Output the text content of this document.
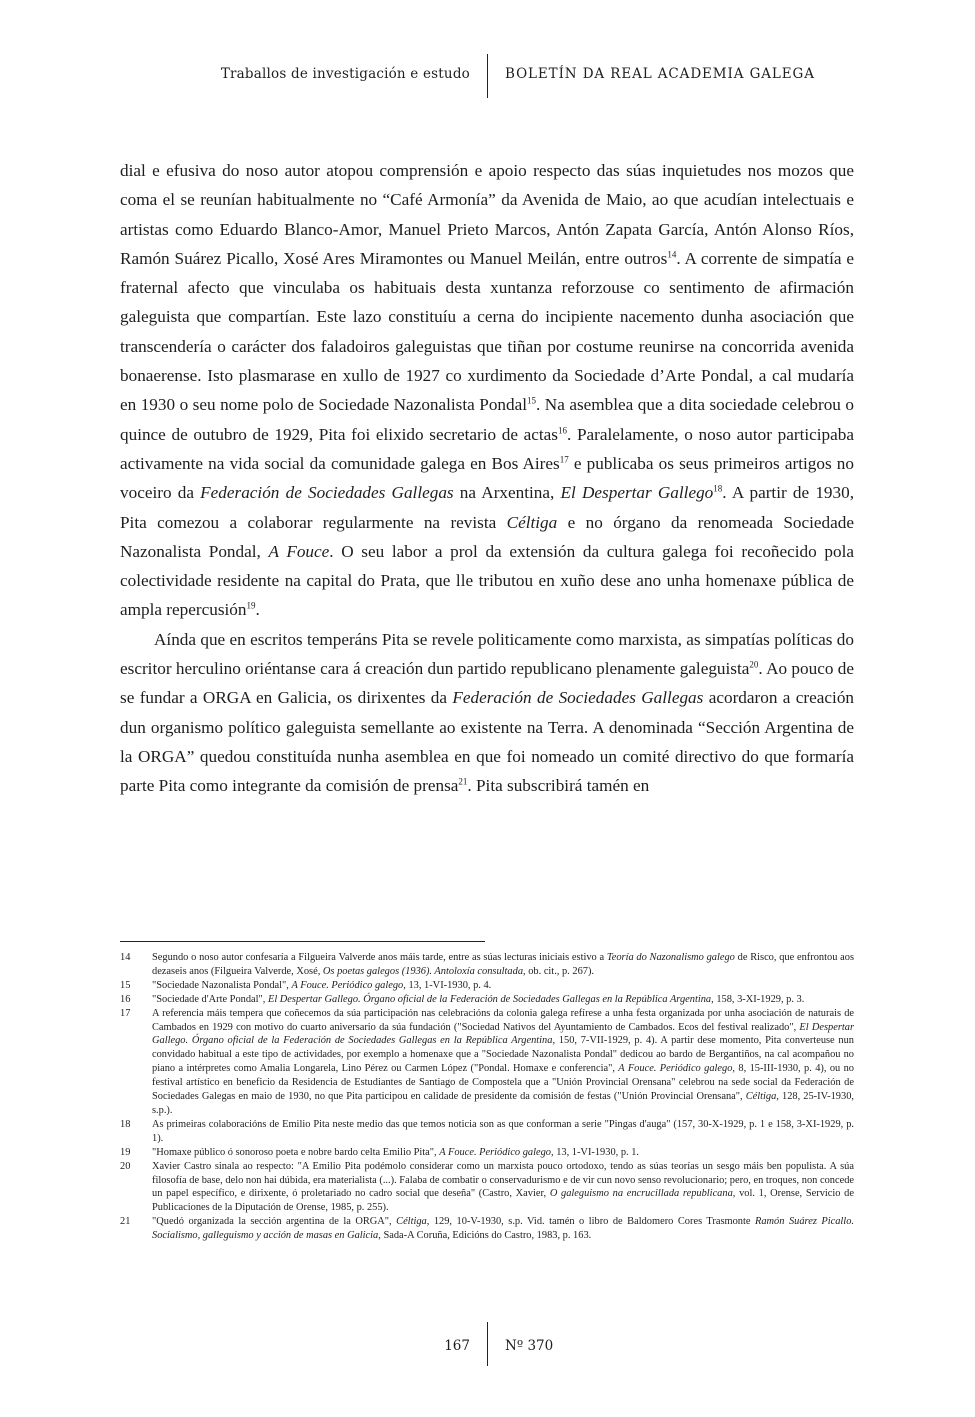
Traballos de investigación e estudo	BOLETÍN DA REAL ACADEMIA GALEGA

dial e efusiva do noso autor atopou comprensión e apoio respecto das súas inquietudes nos mozos que coma el se reunían habitualmente no “Café Armonía” da Avenida de Maio, ao que acudían intelectuais e artistas como Eduardo Blanco-Amor, Manuel Prieto Marcos, Antón Zapata García, Antón Alonso Ríos, Ramón Suárez Picallo, Xosé Ares Miramontes ou Manuel Meilán, entre outros$^{14}$. A corrente de simpatía e fraternal afecto que vinculaba os habituais desta xuntanza reforzouse co sentimento de afirmación galeguista que compartían. Este lazo constituíu a cerna do incipiente nacemento dunha asociación que transcendería o carácter dos faladoiros galeguistas que tiñan por costume reunirse na concorrida avenida bonaerense. Isto plasmarase en xullo de 1927 co xurdimento da Sociedade d’Arte Pondal, a cal mudaría en 1930 o seu nome polo de Sociedade Nazonalista Pondal$^{15}$. Na asemblea que a dita sociedade celebrou o quince de outubro de 1929, Pita foi elixido secretario de actas$^{16}$. Paralelamente, o noso autor participaba activamente na vida social da comunidade galega en Bos Aires$^{17}$ e publicaba os seus primeiros artigos no voceiro da Federación de Sociedades Gallegas na Arxentina, El Despertar Gallego$^{18}$. A partir de 1930, Pita comezou a colaborar regularmente na revista Céltiga e no órgano da renomeada Sociedade Nazonalista Pondal, A Fouce. O seu labor a prol da extensión da cultura galega foi recoñecido pola colectividade residente na capital do Prata, que lle tributou en xuño dese ano unha homenaxe pública de ampla repercusión$^{19}$.

Aínda que en escritos temperáns Pita se revele politicamente como marxista, as simpatías políticas do escritor herculino oriéntanse cara á creación dun partido republicano plenamente galeguista$^{20}$. Ao pouco de se fundar a ORGA en Galicia, os dirixentes da Federación de Sociedades Gallegas acordaron a creación dun organismo político galeguista semellante ao existente na Terra. A denominada “Sección Argentina de la ORGA” quedou constituída nunha asemblea en que foi nomeado un comité directivo do que formaría parte Pita como integrante da comisión de prensa$^{21}$. Pita subscribirá tamén en

14	Segundo o noso autor confesaría a Filgueira Valverde anos máis tarde, entre as súas lecturas iniciais estivo a Teoría do Nazonalismo galego de Risco, que enfrontou aos dezaseis anos (Filgueira Valverde, Xosé, Os poetas galegos (1936). Antoloxía consultada, ob. cit., p. 267).
15	"Sociedade Nazonalista Pondal", A Fouce. Periódico galego, 13, 1-VI-1930, p. 4.
16	"Sociedade d'Arte Pondal", El Despertar Gallego. Órgano oficial de la Federación de Sociedades Gallegas en la República Argentina, 158, 3-XI-1929, p. 3.
17	A referencia máis tempera que coñecemos da súa participación nas celebracións da colonia galega refírese a unha festa organizada por unha asociación de naturais de Cambados en 1929 con motivo do cuarto aniversario da súa fundación ("Sociedad Nativos del Ayuntamiento de Cambados. Ecos del festival realizado", El Despertar Gallego. Órgano oficial de la Federación de Sociedades Gallegas en la República Argentina, 150, 7-VII-1929, p. 4). A partir dese momento, Pita converteuse nun convidado habitual a este tipo de actividades, por exemplo a homenaxe que a "Sociedade Nazonalista Pondal" dedicou ao bardo de Bergantiños, na cal acompañou no piano a intérpretes como Amalia Longarela, Lino Pérez ou Carmen López ("Pondal. Homaxe e conferencia", A Fouce. Periódico galego, 8, 15-III-1930, p. 4), ou no festival artístico en beneficio da Residencia de Estudiantes de Santiago de Compostela que a "Unión Provincial Orensana" celebrou na sede social da Federación de Sociedades Galegas en maio de 1930, no que Pita participou en calidade de presidente da comisión de festas ("Unión Provincial Orensana", Céltiga, 128, 25-IV-1930, s.p.).
18	As primeiras colaboracións de Emilio Pita neste medio das que temos noticia son as que conforman a serie "Pingas d'auga" (157, 30-X-1929, p. 1 e 158, 3-XI-1929, p. 1).
19	"Homaxe público ó sonoroso poeta e nobre bardo celta Emilio Pita", A Fouce. Periódico galego, 13, 1-VI-1930, p. 1.
20	Xavier Castro sinala ao respecto: "A Emilio Pita podémolo considerar como un marxista pouco ortodoxo, tendo as súas teorías un sesgo máis ben populista. A súa filosofía de base, delo non hai dúbida, era materialista (...). Falaba de combatir o conservadurismo e de vir cun novo senso revolucionario; pero, en troques, non concede un papel específico, e dirixente, ó proletariado no cadro social que deseña" (Castro, Xavier, O galeguismo na encrucillada republicana, vol. 1, Orense, Servicio de Publicaciones de la Diputación de Orense, 1985, p. 255).
21	"Quedó organizada la sección argentina de la ORGA", Céltiga, 129, 10-V-1930, s.p. Vid. tamén o libro de Baldomero Cores Trasmonte Ramón Suárez Picallo. Socialismo, galleguismo y acción de masas en Galicia, Sada-A Coruña, Edicións do Castro, 1983, p. 163.
167	Nº 370
